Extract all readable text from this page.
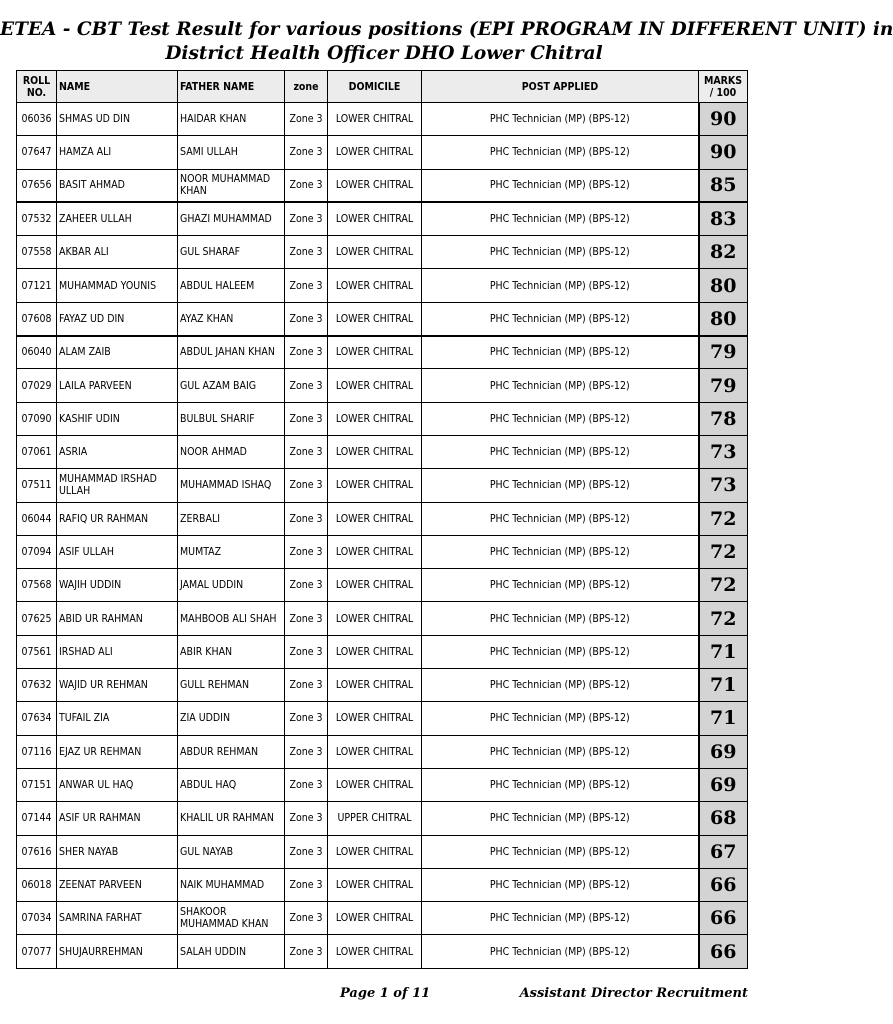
ETEA - CBT Test Result for various positions (EPI PROGRAM IN DIFFERENT UNIT) in
District Health Officer DHO Lower Chitral
ROLL NO.	NAME	FATHER NAME	zone	DOMICILE	POST APPLIED	MARKS / 100
06036	SHMAS UD DIN	HAIDAR KHAN	Zone 3	LOWER CHITRAL	PHC Technician (MP) (BPS-12)	90
07647	HAMZA ALI	SAMI ULLAH	Zone 3	LOWER CHITRAL	PHC Technician (MP) (BPS-12)	90
07656	BASIT AHMAD	NOOR MUHAMMAD KHAN	Zone 3	LOWER CHITRAL	PHC Technician (MP) (BPS-12)	85
07532	ZAHEER ULLAH	GHAZI MUHAMMAD	Zone 3	LOWER CHITRAL	PHC Technician (MP) (BPS-12)	83
07558	AKBAR ALI	GUL SHARAF	Zone 3	LOWER CHITRAL	PHC Technician (MP) (BPS-12)	82
07121	MUHAMMAD YOUNIS	ABDUL HALEEM	Zone 3	LOWER CHITRAL	PHC Technician (MP) (BPS-12)	80
07608	FAYAZ UD DIN	AYAZ KHAN	Zone 3	LOWER CHITRAL	PHC Technician (MP) (BPS-12)	80
06040	ALAM ZAIB	ABDUL JAHAN KHAN	Zone 3	LOWER CHITRAL	PHC Technician (MP) (BPS-12)	79
07029	LAILA PARVEEN	GUL AZAM BAIG	Zone 3	LOWER CHITRAL	PHC Technician (MP) (BPS-12)	79
07090	KASHIF UDIN	BULBUL SHARIF	Zone 3	LOWER CHITRAL	PHC Technician (MP) (BPS-12)	78
07061	ASRIA	NOOR AHMAD	Zone 3	LOWER CHITRAL	PHC Technician (MP) (BPS-12)	73
07511	MUHAMMAD IRSHAD ULLAH	MUHAMMAD ISHAQ	Zone 3	LOWER CHITRAL	PHC Technician (MP) (BPS-12)	73
06044	RAFIQ UR RAHMAN	ZERBALI	Zone 3	LOWER CHITRAL	PHC Technician (MP) (BPS-12)	72
07094	ASIF ULLAH	MUMTAZ	Zone 3	LOWER CHITRAL	PHC Technician (MP) (BPS-12)	72
07568	WAJIH UDDIN	JAMAL UDDIN	Zone 3	LOWER CHITRAL	PHC Technician (MP) (BPS-12)	72
07625	ABID UR RAHMAN	MAHBOOB ALI SHAH	Zone 3	LOWER CHITRAL	PHC Technician (MP) (BPS-12)	72
07561	IRSHAD ALI	ABIR KHAN	Zone 3	LOWER CHITRAL	PHC Technician (MP) (BPS-12)	71
07632	WAJID UR REHMAN	GULL REHMAN	Zone 3	LOWER CHITRAL	PHC Technician (MP) (BPS-12)	71
07634	TUFAIL ZIA	ZIA UDDIN	Zone 3	LOWER CHITRAL	PHC Technician (MP) (BPS-12)	71
07116	EJAZ UR REHMAN	ABDUR REHMAN	Zone 3	LOWER CHITRAL	PHC Technician (MP) (BPS-12)	69
07151	ANWAR UL HAQ	ABDUL HAQ	Zone 3	LOWER CHITRAL	PHC Technician (MP) (BPS-12)	69
07144	ASIF UR RAHMAN	KHALIL UR RAHMAN	Zone 3	UPPER CHITRAL	PHC Technician (MP) (BPS-12)	68
07616	SHER NAYAB	GUL NAYAB	Zone 3	LOWER CHITRAL	PHC Technician (MP) (BPS-12)	67
06018	ZEENAT PARVEEN	NAIK MUHAMMAD	Zone 3	LOWER CHITRAL	PHC Technician (MP) (BPS-12)	66
07034	SAMRINA FARHAT	SHAKOOR MUHAMMAD KHAN	Zone 3	LOWER CHITRAL	PHC Technician (MP) (BPS-12)	66
07077	SHUJAURREHMAN	SALAH UDDIN	Zone 3	LOWER CHITRAL	PHC Technician (MP) (BPS-12)	66
Page 1 of 11	Assistant Director Recruitment
